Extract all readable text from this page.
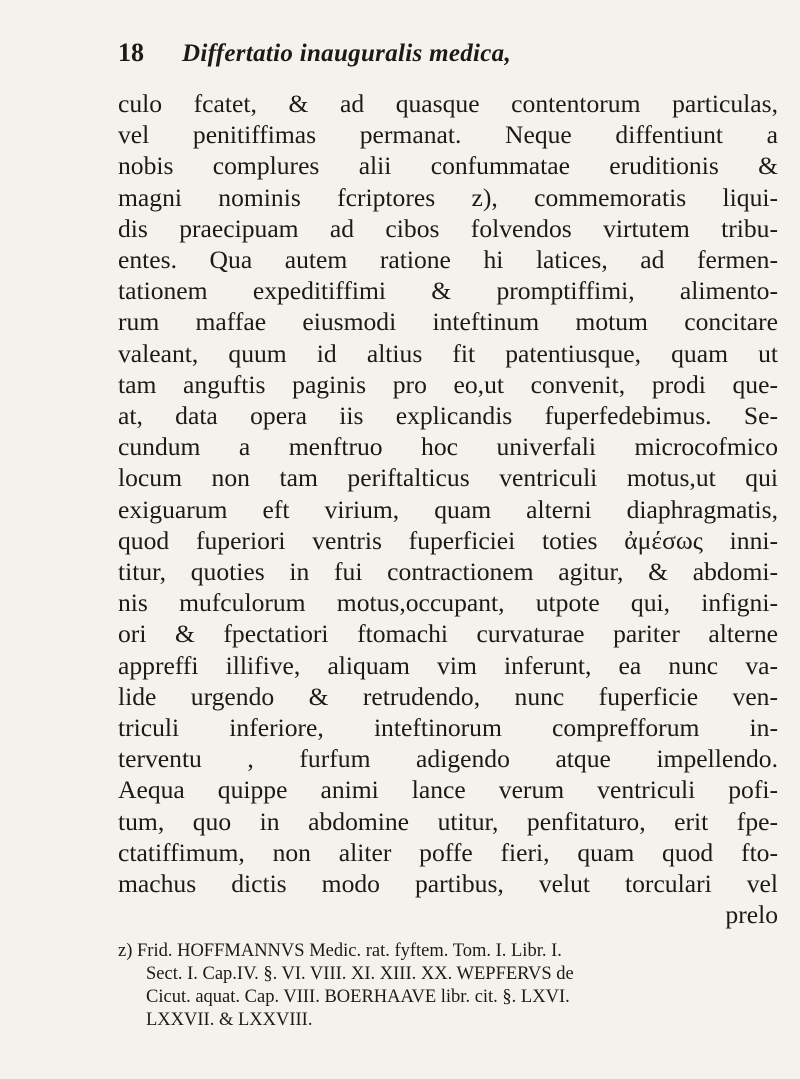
18	Differtatio inauguralis medica,
culo fcatet, & ad quasque contentorum particulas,
vel penitiffimas permanat. Neque diffentiunt a
nobis complures alii confummatae eruditionis &
magni nominis fcriptores z), commemoratis liqui-
dis praecipuam ad cibos folvendos virtutem tribu-
entes. Qua autem ratione hi latices, ad fermen-
tationem expeditiffimi & promptiffimi, alimento-
rum maffae eiusmodi inteftinum motum concitare
valeant, quum id altius fit patentiusque, quam ut
tam anguftis paginis pro eo,ut convenit, prodi que-
at, data opera iis explicandis fuperfedebimus. Se-
cundum a menftruo hoc univerfali microcofmico
locum non tam periftalticus ventriculi motus,ut qui
exiguarum eft virium, quam alterni diaphragmatis,
quod fuperiori ventris fuperficiei toties ἀμέσως inni-
titur, quoties in fui contractionem agitur, & abdomi-
nis mufculorum motus,occupant, utpote qui, infigni-
ori & fpectatiori ftomachi curvaturae pariter alterne
appreffi illifive, aliquam vim inferunt, ea nunc va-
lide urgendo & retrudendo, nunc fuperficie ven-
triculi inferiore, inteftinorum comprefforum in-
terventu , furfum adigendo atque impellendo.
Aequa quippe animi lance verum ventriculi pofi-
tum, quo in abdomine utitur, penfitaturo, erit fpe-
ctatiffimum, non aliter poffe fieri, quam quod fto-
machus dictis modo partibus, velut torculari vel
prelo
z) Frid. HOFFMANNVS Medic. rat. fyftem. Tom. I. Libr. I.
Sect. I. Cap.IV. §. VI. VIII. XI. XIII. XX. WEPFERVS de
Cicut. aquat. Cap. VIII. BOERHAAVE libr. cit. §. LXVI.
LXXVII. & LXXVIII.
